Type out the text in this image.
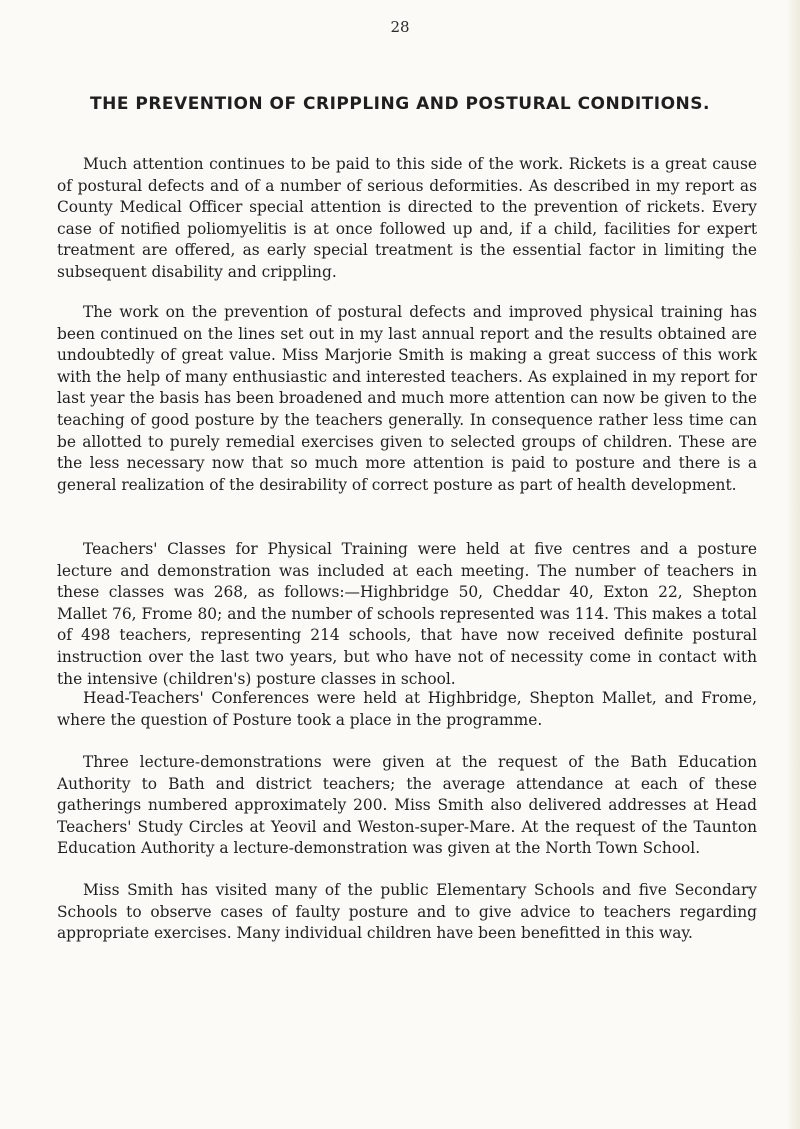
28
THE PREVENTION OF CRIPPLING AND POSTURAL CONDITIONS.

Much attention continues to be paid to this side of the work. Rickets is a great cause of postural defects and of a number of serious deformities. As described in my report as County Medical Officer special attention is directed to the prevention of rickets. Every case of notified poliomyelitis is at once followed up and, if a child, facilities for expert treatment are offered, as early special treatment is the essential factor in limiting the subsequent disability and crippling.

The work on the prevention of postural defects and improved physical training has been continued on the lines set out in my last annual report and the results obtained are undoubtedly of great value. Miss Marjorie Smith is making a great success of this work with the help of many enthusiastic and interested teachers. As explained in my report for last year the basis has been broadened and much more attention can now be given to the teaching of good posture by the teachers generally. In consequence rather less time can be allotted to purely remedial exercises given to selected groups of children. These are the less necessary now that so much more attention is paid to posture and there is a general realization of the desirability of correct posture as part of health development.

Teachers' Classes for Physical Training were held at five centres and a posture lecture and demonstration was included at each meeting. The number of teachers in these classes was 268, as follows:—Highbridge 50, Cheddar 40, Exton 22, Shepton Mallet 76, Frome 80; and the number of schools represented was 114. This makes a total of 498 teachers, representing 214 schools, that have now received definite postural instruction over the last two years, but who have not of necessity come in contact with the intensive (children's) posture classes in school.

Head-Teachers' Conferences were held at Highbridge, Shepton Mallet, and Frome, where the question of Posture took a place in the programme.

Three lecture-demonstrations were given at the request of the Bath Education Authority to Bath and district teachers; the average attendance at each of these gatherings numbered approximately 200. Miss Smith also delivered addresses at Head Teachers' Study Circles at Yeovil and Weston-super-Mare. At the request of the Taunton Education Authority a lecture-demonstration was given at the North Town School.

Miss Smith has visited many of the public Elementary Schools and five Secondary Schools to observe cases of faulty posture and to give advice to teachers regarding appropriate exercises. Many individual children have been benefitted in this way.
